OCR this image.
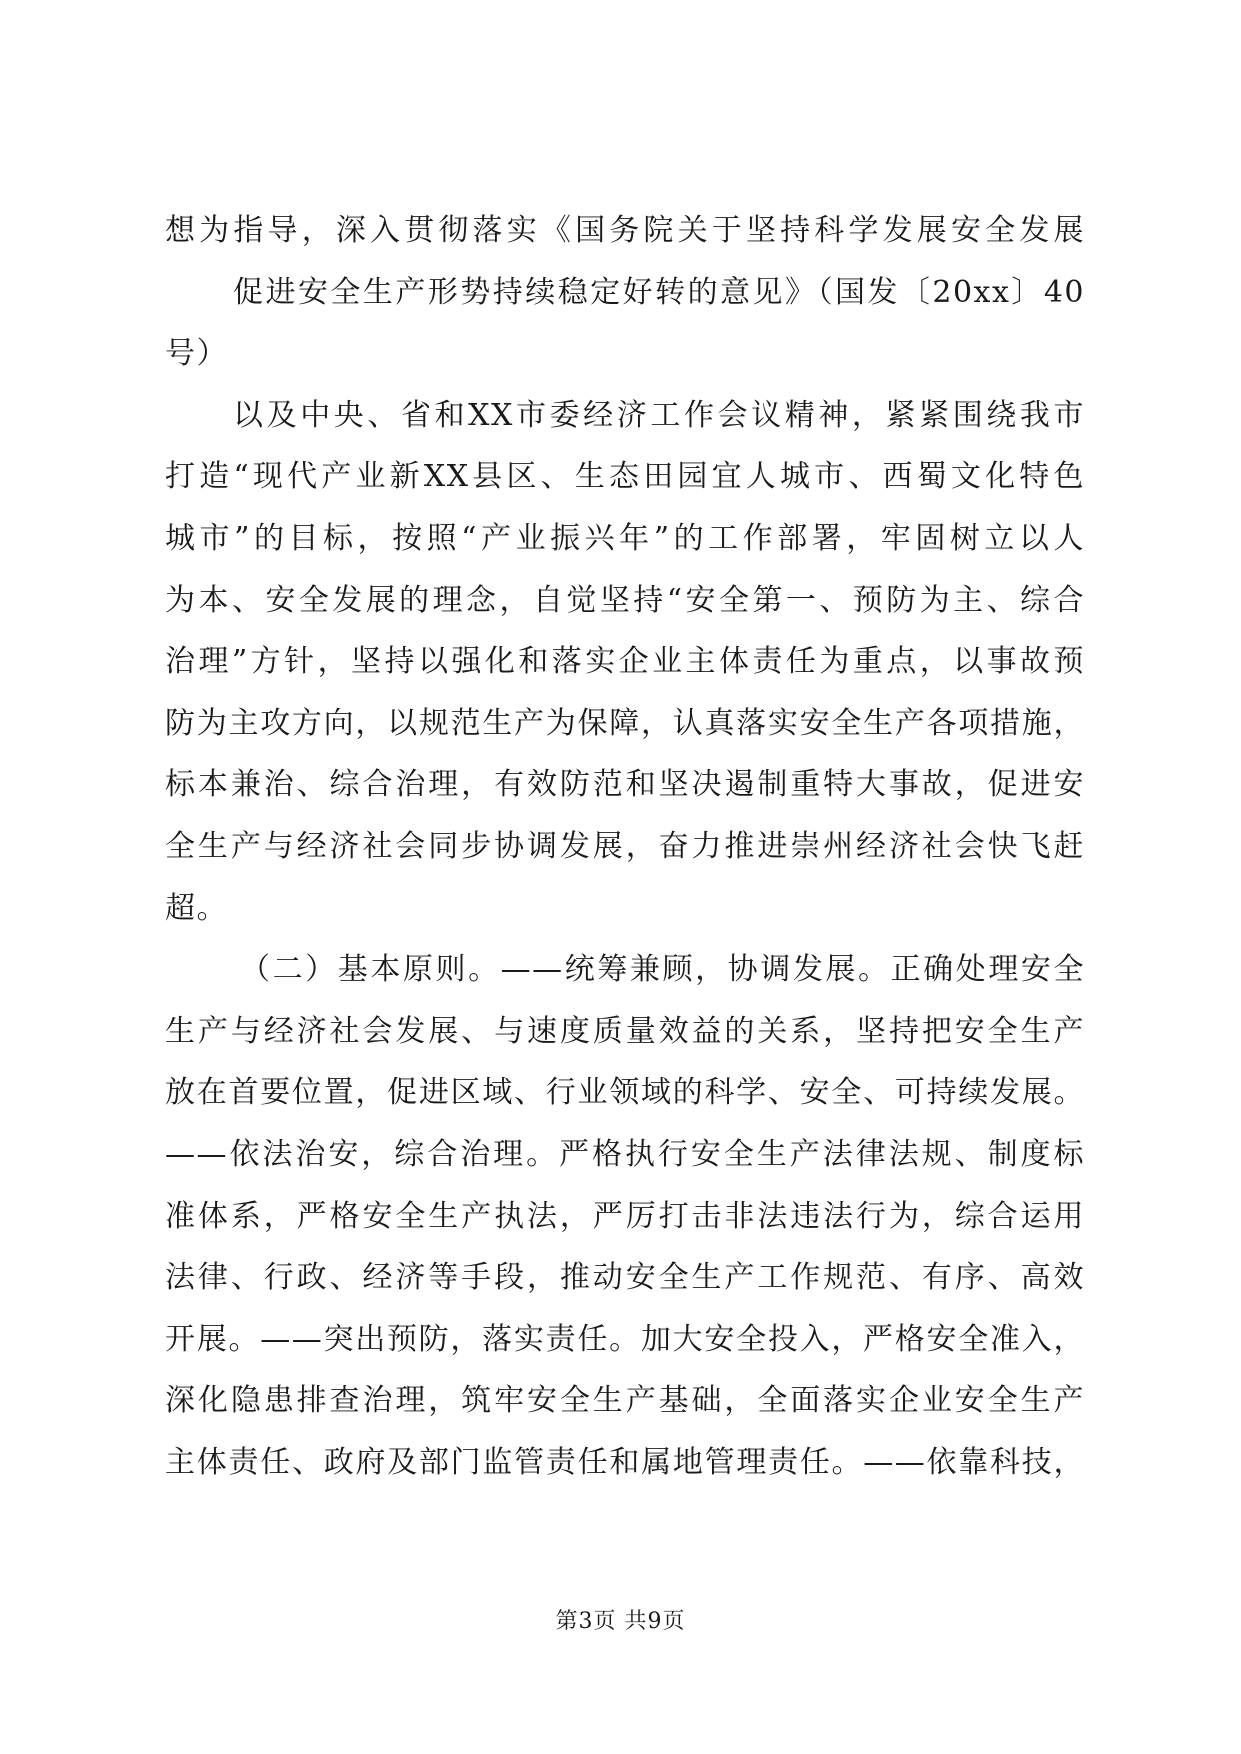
想为指导，深入贯彻落实《国务院关于坚持科学发展安全发展
促进安全生产形势持续稳定好转的意见》（国发〔20xx〕40
号）
以及中央、省和XX市委经济工作会议精神，紧紧围绕我市
打造“现代产业新XX县区、生态田园宜人城市、西蜀文化特色
城市”的目标，按照“产业振兴年”的工作部署，牢固树立以人
为本、安全发展的理念，自觉坚持“安全第一、预防为主、综合
治理”方针，坚持以强化和落实企业主体责任为重点，以事故预
防为主攻方向，以规范生产为保障，认真落实安全生产各项措施，
标本兼治、综合治理，有效防范和坚决遏制重特大事故，促进安
全生产与经济社会同步协调发展，奋力推进崇州经济社会快飞赶
超。
（二）基本原则。——统筹兼顾，协调发展。正确处理安全
生产与经济社会发展、与速度质量效益的关系，坚持把安全生产
放在首要位置，促进区域、行业领域的科学、安全、可持续发展。
——依法治安，综合治理。严格执行安全生产法律法规、制度标
准体系，严格安全生产执法，严厉打击非法违法行为，综合运用
法律、行政、经济等手段，推动安全生产工作规范、有序、高效
开展。——突出预防，落实责任。加大安全投入，严格安全准入，
深化隐患排查治理，筑牢安全生产基础，全面落实企业安全生产
主体责任、政府及部门监管责任和属地管理责任。——依靠科技，
第3页 共9页
